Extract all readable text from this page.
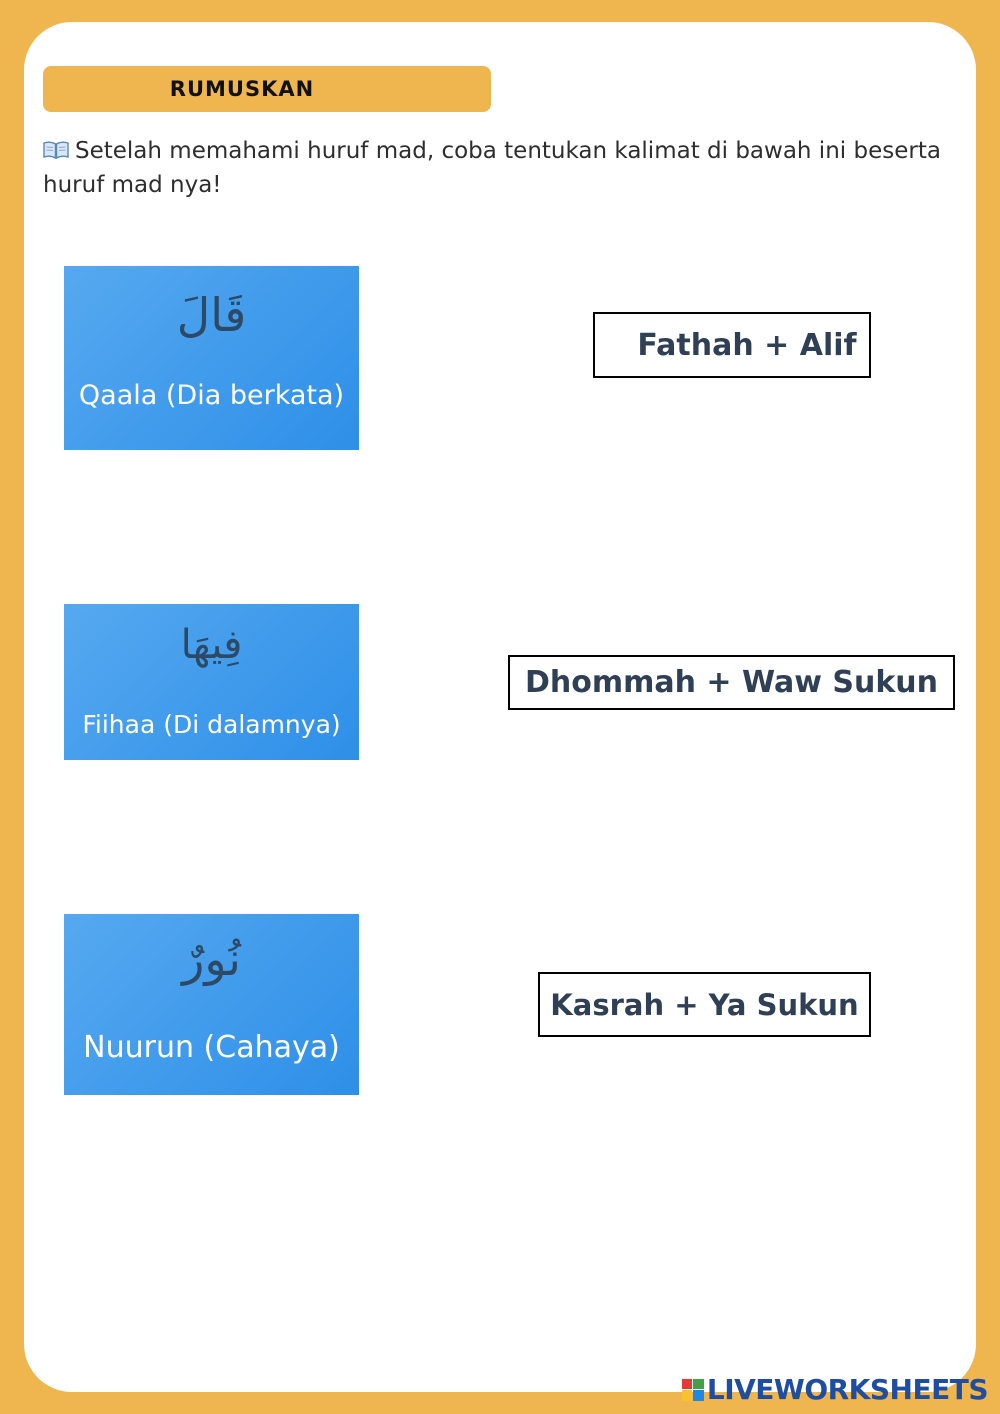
RUMUSKAN
Setelah memahami huruf mad, coba tentukan kalimat di bawah ini beserta huruf mad nya!
قَالَ
Qaala (Dia berkata)
فِيهَا
Fiihaa (Di dalamnya)
نُورٌ
Nuurun (Cahaya)
Fathah + Alif
Dhommah + Waw Sukun
Kasrah + Ya Sukun
LIVEWORKSHEETS
